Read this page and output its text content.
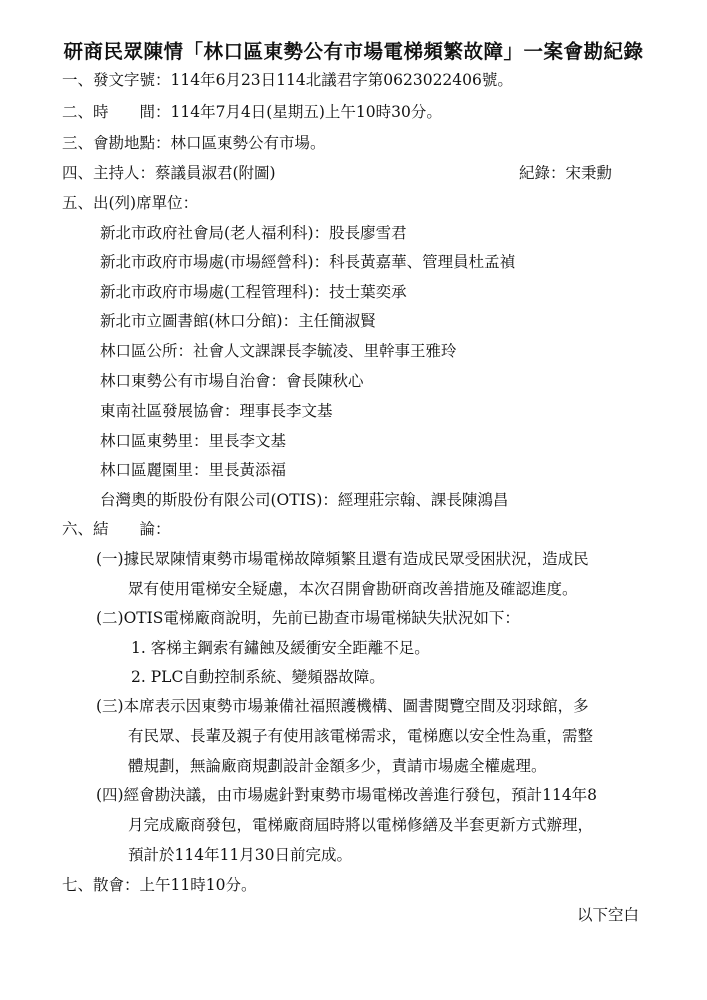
研商民眾陳情「林口區東勢公有市場電梯頻繁故障」一案會勘紀錄
一、發文字號：114年6月23日114北議君字第0623022406號。
二、時　　間：114年7月4日(星期五)上午10時30分。
三、會勘地點：林口區東勢公有市場。
四、主持人：蔡議員淑君(附圖)	紀錄：宋秉勳
五、出(列)席單位：
新北市政府社會局(老人福利科)：股長廖雪君
新北市政府市場處(市場經營科)：科長黃嘉華、管理員杜孟禎
新北市政府市場處(工程管理科)：技士葉奕承
新北市立圖書館(林口分館)：主任簡淑賢
林口區公所：社會人文課課長李毓凌、里幹事王雅玲
林口東勢公有市場自治會：會長陳秋心
東南社區發展協會：理事長李文基
林口區東勢里：里長李文基
林口區麗園里：里長黃添福
台灣奧的斯股份有限公司(OTIS)：經理莊宗翰、課長陳鴻昌
六、結　　論：
(一)據民眾陳情東勢市場電梯故障頻繁且還有造成民眾受困狀況，造成民
眾有使用電梯安全疑慮，本次召開會勘研商改善措施及確認進度。
(二)OTIS電梯廠商說明，先前已勘查市場電梯缺失狀況如下：
1. 客梯主鋼索有鏽蝕及緩衝安全距離不足。
2. PLC自動控制系統、變頻器故障。
(三)本席表示因東勢市場兼備社福照護機構、圖書閱覽空間及羽球館，多
有民眾、長輩及親子有使用該電梯需求，電梯應以安全性為重，需整
體規劃，無論廠商規劃設計金額多少，責請市場處全權處理。
(四)經會勘決議，由市場處針對東勢市場電梯改善進行發包，預計114年8
月完成廠商發包，電梯廠商屆時將以電梯修繕及半套更新方式辦理，
預計於114年11月30日前完成。
七、散會：上午11時10分。
以下空白
